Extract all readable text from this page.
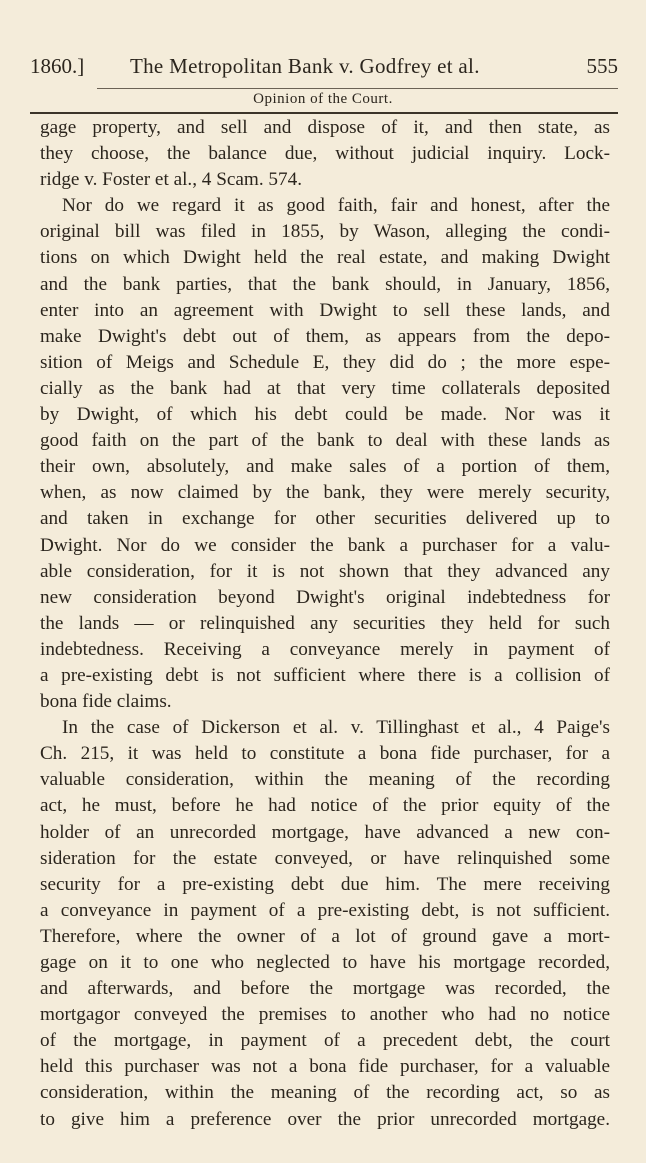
1860.] The Metropolitan Bank v. Godfrey et al.	555
Opinion of the Court.
gage property, and sell and dispose of it, and then state, as
they choose, the balance due, without judicial inquiry. Lock-
ridge v. Foster et al., 4 Scam. 574.
Nor do we regard it as good faith, fair and honest, after the
original bill was filed in 1855, by Wason, alleging the condi-
tions on which Dwight held the real estate, and making Dwight
and the bank parties, that the bank should, in January, 1856,
enter into an agreement with Dwight to sell these lands, and
make Dwight's debt out of them, as appears from the depo-
sition of Meigs and Schedule E, they did do ; the more espe-
cially as the bank had at that very time collaterals deposited
by Dwight, of which his debt could be made. Nor was it
good faith on the part of the bank to deal with these lands as
their own, absolutely, and make sales of a portion of them,
when, as now claimed by the bank, they were merely security,
and taken in exchange for other securities delivered up to
Dwight. Nor do we consider the bank a purchaser for a valu-
able consideration, for it is not shown that they advanced any
new consideration beyond Dwight's original indebtedness for
the lands — or relinquished any securities they held for such
indebtedness. Receiving a conveyance merely in payment of
a pre-existing debt is not sufficient where there is a collision of
bona fide claims.
In the case of Dickerson et al. v. Tillinghast et al., 4 Paige's
Ch. 215, it was held to constitute a bona fide purchaser, for a
valuable consideration, within the meaning of the recording
act, he must, before he had notice of the prior equity of the
holder of an unrecorded mortgage, have advanced a new con-
sideration for the estate conveyed, or have relinquished some
security for a pre-existing debt due him. The mere receiving
a conveyance in payment of a pre-existing debt, is not sufficient.
Therefore, where the owner of a lot of ground gave a mort-
gage on it to one who neglected to have his mortgage recorded,
and afterwards, and before the mortgage was recorded, the
mortgagor conveyed the premises to another who had no notice
of the mortgage, in payment of a precedent debt, the court
held this purchaser was not a bona fide purchaser, for a valuable
consideration, within the meaning of the recording act, so as
to give him a preference over the prior unrecorded mortgage.
